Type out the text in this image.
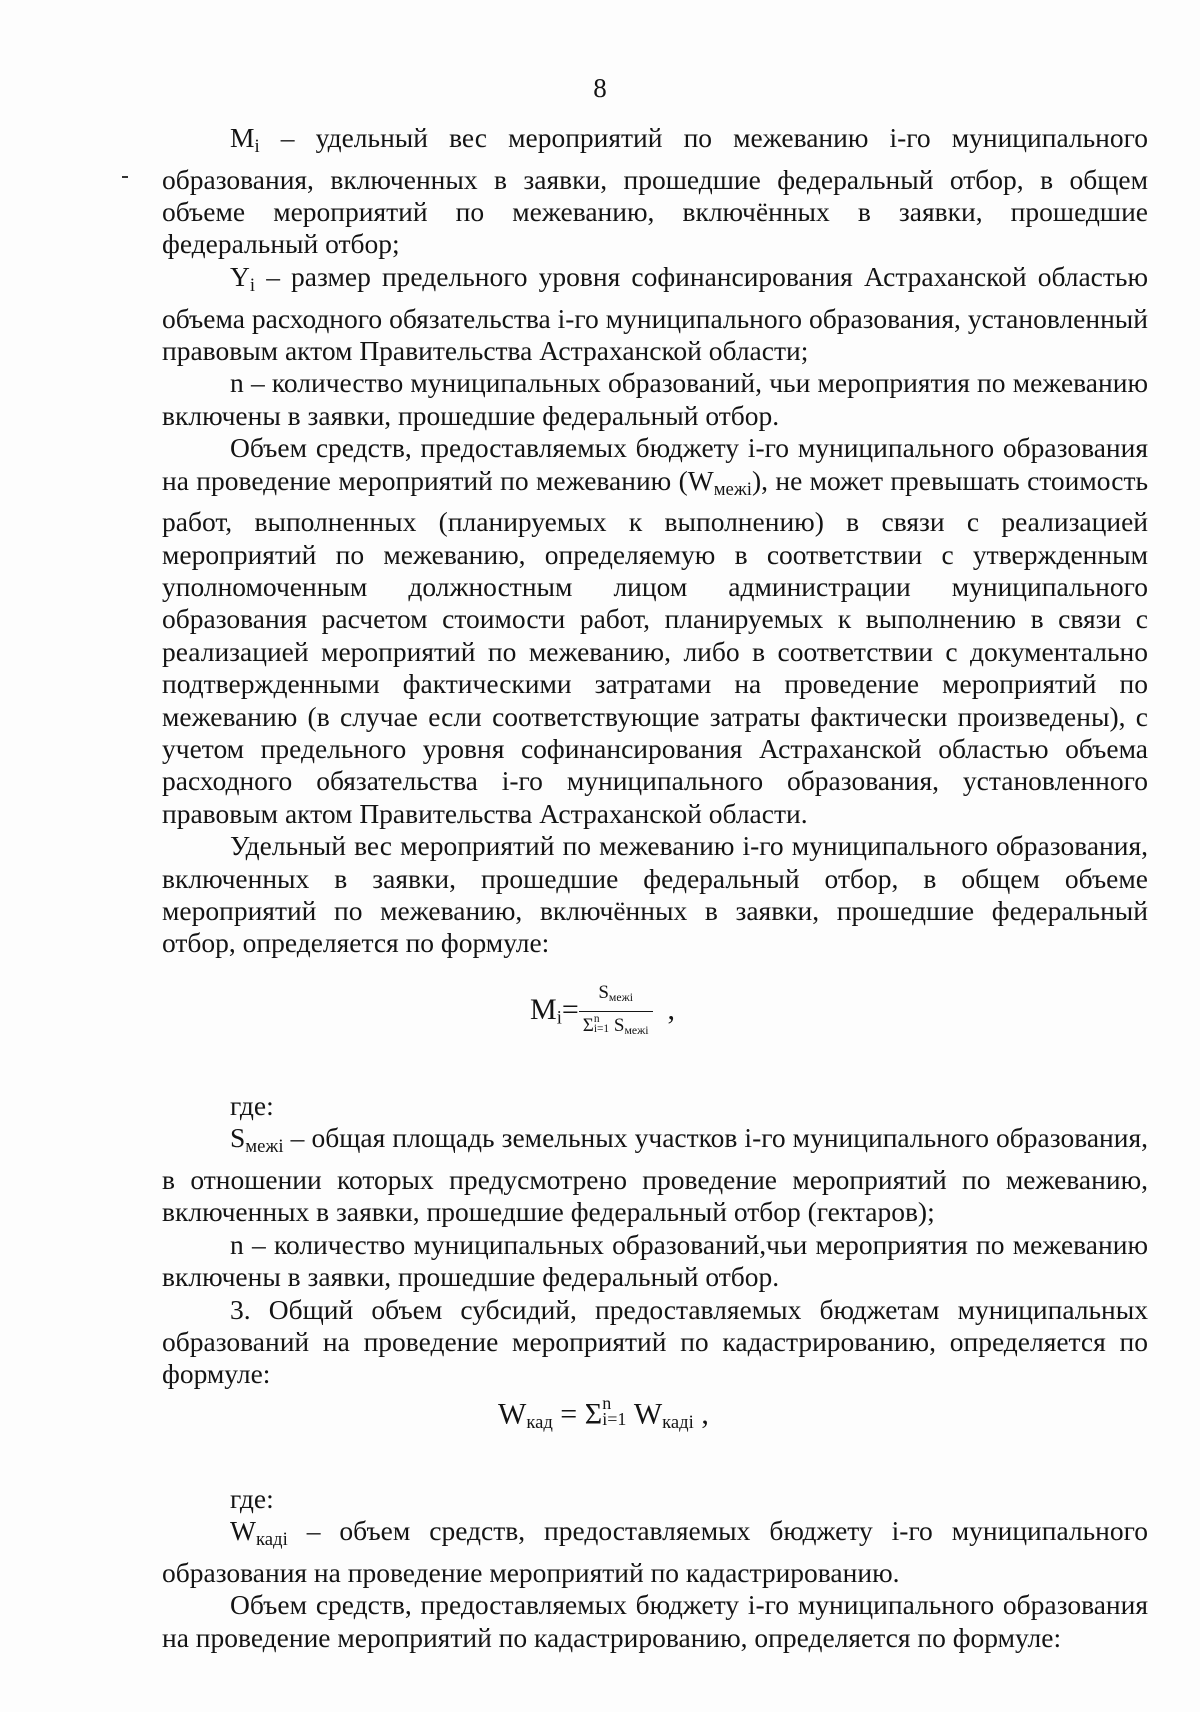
8

Mi – удельный вес мероприятий по межеванию i-го муниципального образования, включенных в заявки, прошедшие федеральный отбор, в общем объеме мероприятий по межеванию, включённых в заявки, прошедшие федеральный отбор;

Yi – размер предельного уровня софинансирования Астраханской областью объема расходного обязательства i-го муниципального образования, установленный правовым актом Правительства Астраханской области;

n – количество муниципальных образований, чьи мероприятия по межеванию включены в заявки, прошедшие федеральный отбор.

Объем средств, предоставляемых бюджету i-го муниципального образования на проведение мероприятий по межеванию (Wмежi), не может превышать стоимость работ, выполненных (планируемых к выполнению) в связи с реализацией мероприятий по межеванию, определяемую в соответствии с утвержденным уполномоченным должностным лицом администрации муниципального образования расчетом стоимости работ, планируемых к выполнению в связи с реализацией мероприятий по межеванию, либо в соответствии с документально подтвержденными фактическими затратами на проведение мероприятий по межеванию (в случае если соответствующие затраты фактически произведены), с учетом предельного уровня софинансирования Астраханской областью объема расходного обязательства i-го муниципального образования, установленного правовым актом Правительства Астраханской области.

Удельный вес мероприятий по межеванию i-го муниципального образования, включенных в заявки, прошедшие федеральный отбор, в общем объеме мероприятий по межеванию, включённых в заявки, прошедшие федеральный отбор, определяется по формуле:

$M_i= S_{межi}$
Σ n
i=1 $S_{межi}$ ,

где:

Sмежi – общая площадь земельных участков i-го муниципального образования, в отношении которых предусмотрено проведение мероприятий по межеванию, включенных в заявки, прошедшие федеральный отбор (гектаров);

n – количество муниципальных образований,чьи мероприятия по межеванию включены в заявки, прошедшие федеральный отбор.

3. Общий объем субсидий, предоставляемых бюджетам муниципальных образований на проведение мероприятий по кадастрированию, определяется по формуле:

$W_{кад} = \Sigma$ n
i=1 $W_{кадi}$ ,

где:

Wкадi – объем средств, предоставляемых бюджету i-го муниципального образования на проведение мероприятий по кадастрированию.

Объем средств, предоставляемых бюджету i-го муниципального образования на проведение мероприятий по кадастрированию, определяется по формуле:
